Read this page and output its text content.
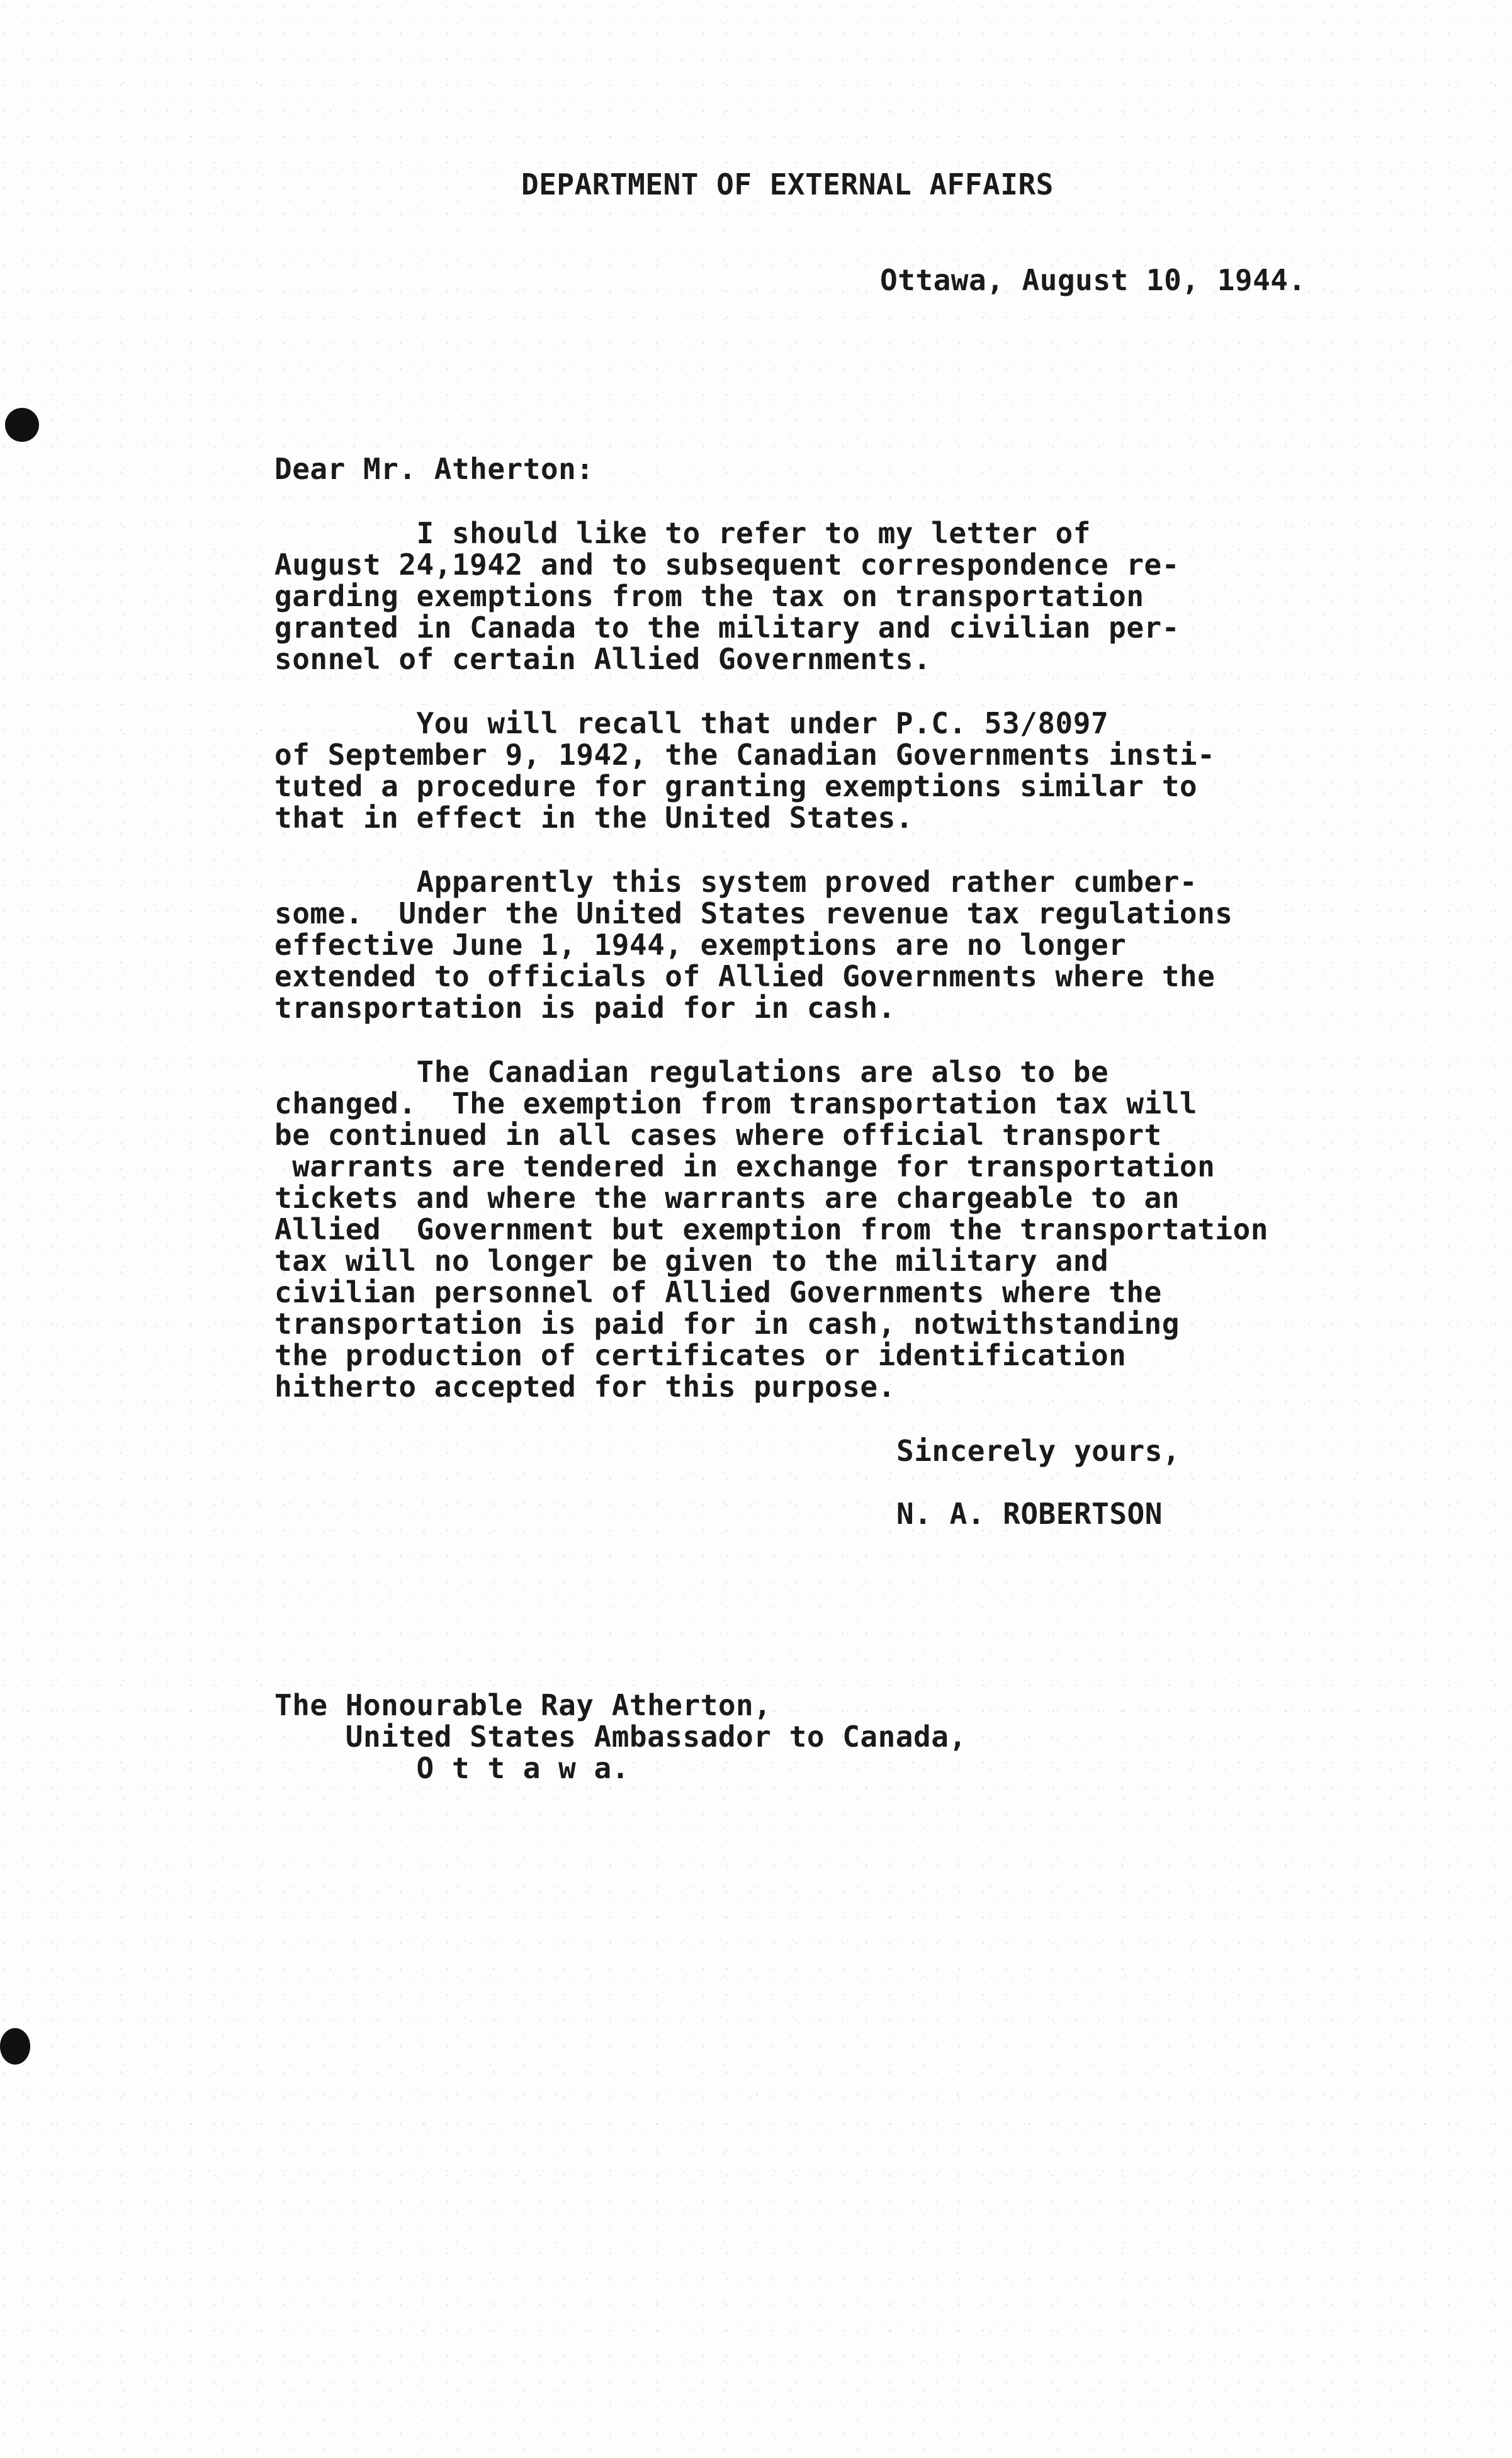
DEPARTMENT OF EXTERNAL AFFAIRS
Ottawa, August 10, 1944.
Dear Mr. Atherton:
I should like to refer to my letter of
August 24,1942 and to subsequent correspondence re-
garding exemptions from the tax on transportation
granted in Canada to the military and civilian per-
sonnel of certain Allied Governments.
You will recall that under P.C. 53/8097
of September 9, 1942, the Canadian Governments insti-
tuted a procedure for granting exemptions similar to
that in effect in the United States.
Apparently this system proved rather cumber-
some.  Under the United States revenue tax regulations
effective June 1, 1944, exemptions are no longer
extended to officials of Allied Governments where the
transportation is paid for in cash.
The Canadian regulations are also to be
changed.  The exemption from transportation tax will
be continued in all cases where official transport
warrants are tendered in exchange for transportation
tickets and where the warrants are chargeable to an
Allied  Government but exemption from the transportation
tax will no longer be given to the military and
civilian personnel of Allied Governments where the
transportation is paid for in cash, notwithstanding
the production of certificates or identification
hitherto accepted for this purpose.
Sincerely yours,
N. A. ROBERTSON
The Honourable Ray Atherton,
United States Ambassador to Canada,
O t t a w a.
